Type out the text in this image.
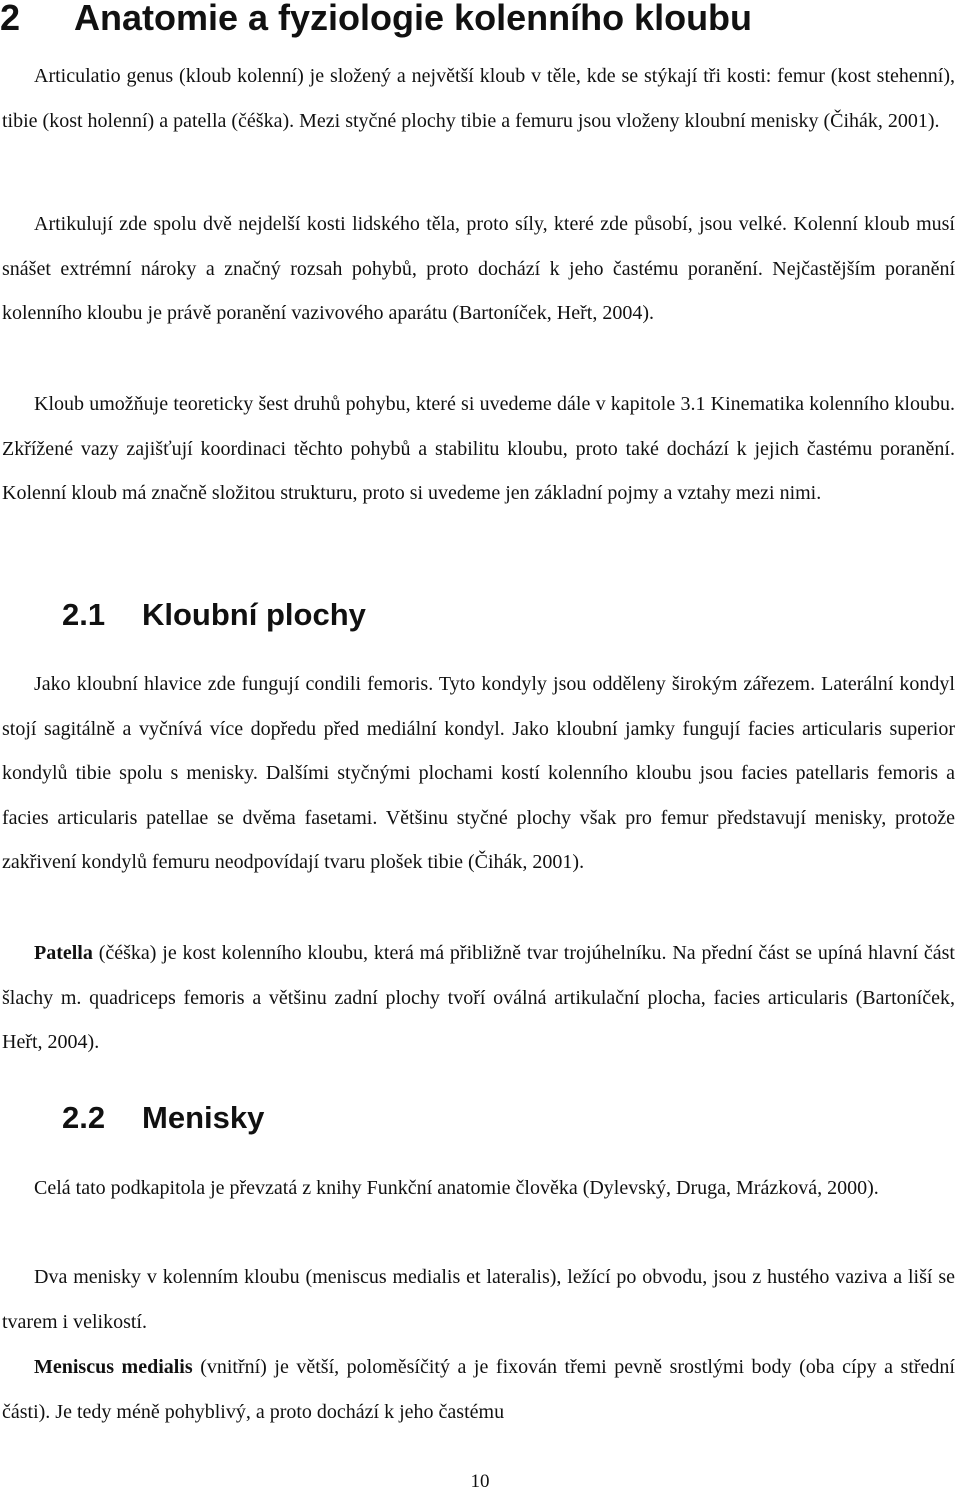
2 Anatomie a fyziologie kolenního kloubu

Articulatio genus (kloub kolenní) je složený a největší kloub v těle, kde se stýkají tři kosti: femur (kost stehenní), tibie (kost holenní) a patella (čéška). Mezi styčné plochy tibie a femuru jsou vloženy kloubní menisky (Čihák, 2001).

Artikulují zde spolu dvě nejdelší kosti lidského těla, proto síly, které zde působí, jsou velké. Kolenní kloub musí snášet extrémní nároky a značný rozsah pohybů, proto dochází k jeho častému poranění. Nejčastějším poranění kolenního kloubu je právě poranění vazivového aparátu (Bartoníček, Heřt, 2004).

Kloub umožňuje teoreticky šest druhů pohybu, které si uvedeme dále v kapitole 3.1 Kinematika kolenního kloubu. Zkřížené vazy zajišťují koordinaci těchto pohybů a stabilitu kloubu, proto také dochází k jejich častému poranění. Kolenní kloub má značně složitou strukturu, proto si uvedeme jen základní pojmy a vztahy mezi nimi.

2.1 Kloubní plochy

Jako kloubní hlavice zde fungují condili femoris. Tyto kondyly jsou odděleny širokým zářezem. Laterální kondyl stojí sagitálně a vyčnívá více dopředu před mediální kondyl. Jako kloubní jamky fungují facies articularis superior kondylů tibie spolu s menisky. Dalšími styčnými plochami kostí kolenního kloubu jsou facies patellaris femoris a facies articularis patellae se dvěma fasetami. Většinu styčné plochy však pro femur představují menisky, protože zakřivení kondylů femuru neodpovídají tvaru plošek tibie (Čihák, 2001).

Patella (čéška) je kost kolenního kloubu, která má přibližně tvar trojúhelníku. Na přední část se upíná hlavní část šlachy m. quadriceps femoris a většinu zadní plochy tvoří oválná artikulační plocha, facies articularis (Bartoníček, Heřt, 2004).

2.2 Menisky

Celá tato podkapitola je převzatá z knihy Funkční anatomie člověka (Dylevský, Druga, Mrázková, 2000).

Dva menisky v kolenním kloubu (meniscus medialis et lateralis), ležící po obvodu, jsou z hustého vaziva a liší se tvarem i velikostí.

Meniscus medialis (vnitřní) je větší, poloměsíčitý a je fixován třemi pevně srostlými body (oba cípy a střední části). Je tedy méně pohyblivý, a proto dochází k jeho častému

10
